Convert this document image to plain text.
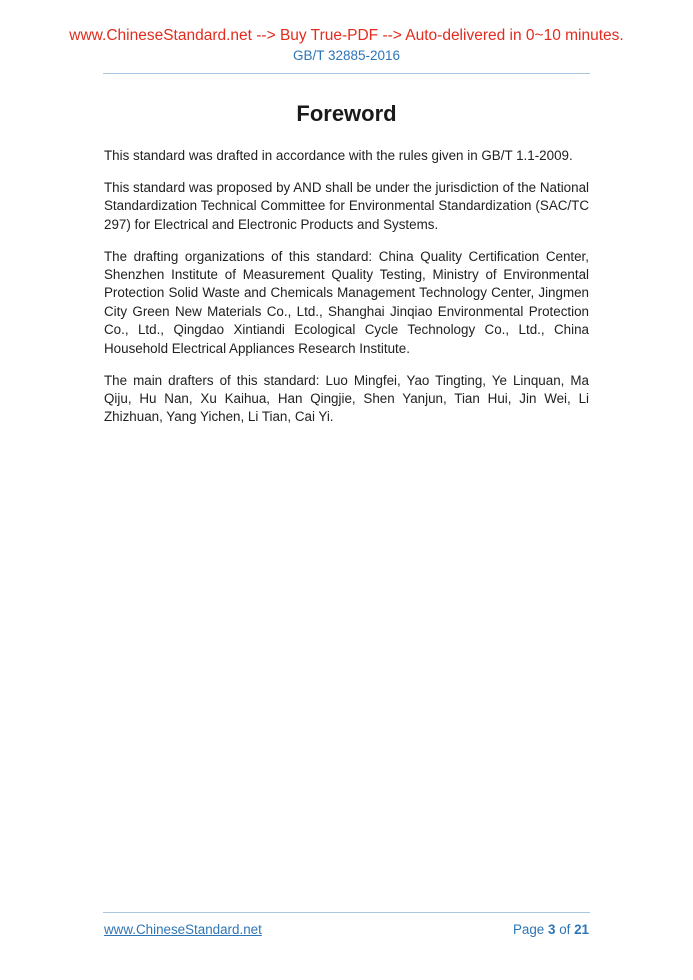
www.ChineseStandard.net --> Buy True-PDF --> Auto-delivered in 0~10 minutes.
GB/T 32885-2016
Foreword

This standard was drafted in accordance with the rules given in GB/T 1.1-2009.

This standard was proposed by AND shall be under the jurisdiction of the National Standardization Technical Committee for Environmental Standardization (SAC/TC 297) for Electrical and Electronic Products and Systems.

The drafting organizations of this standard: China Quality Certification Center, Shenzhen Institute of Measurement Quality Testing, Ministry of Environmental Protection Solid Waste and Chemicals Management Technology Center, Jingmen City Green New Materials Co., Ltd., Shanghai Jinqiao Environmental Protection Co., Ltd., Qingdao Xintiandi Ecological Cycle Technology Co., Ltd., China Household Electrical Appliances Research Institute.

The main drafters of this standard: Luo Mingfei, Yao Tingting, Ye Linquan, Ma Qiju, Hu Nan, Xu Kaihua, Han Qingjie, Shen Yanjun, Tian Hui, Jin Wei, Li Zhizhuan, Yang Yichen, Li Tian, Cai Yi.

www.ChineseStandard.net	Page 3 of 21
